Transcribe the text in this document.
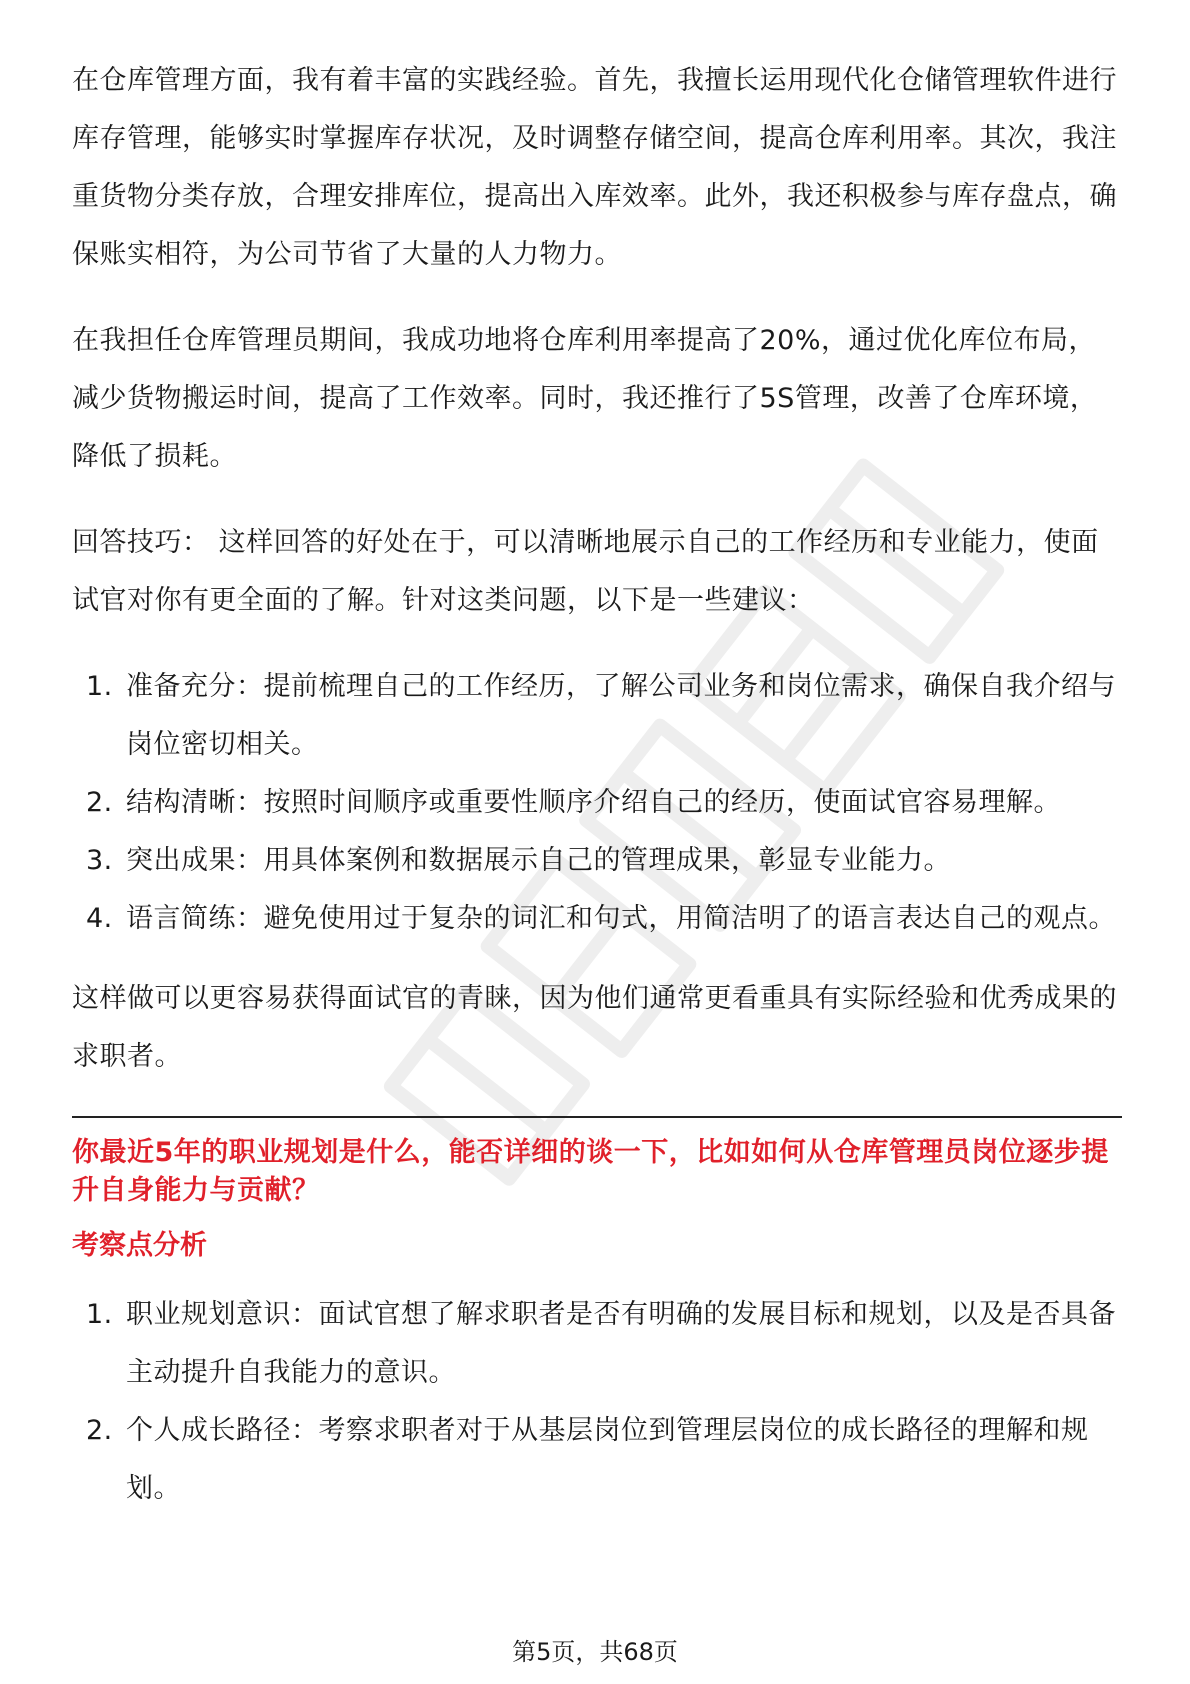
在仓库管理方面，我有着丰富的实践经验。首先，我擅长运用现代化仓储管理软件进行库存管理，能够实时掌握库存状况，及时调整存储空间，提高仓库利用率。其次，我注重货物分类存放，合理安排库位，提高出入库效率。此外，我还积极参与库存盘点，确保账实相符，为公司节省了大量的人力物力。

在我担任仓库管理员期间，我成功地将仓库利用率提高了20%，通过优化库位布局，减少货物搬运时间，提高了工作效率。同时，我还推行了5S管理，改善了仓库环境，降低了损耗。

回答技巧： 这样回答的好处在于，可以清晰地展示自己的工作经历和专业能力，使面试官对你有更全面的了解。针对这类问题，以下是一些建议：

1. 准备充分：提前梳理自己的工作经历，了解公司业务和岗位需求，确保自我介绍与岗位密切相关。
2. 结构清晰：按照时间顺序或重要性顺序介绍自己的经历，使面试官容易理解。
3. 突出成果：用具体案例和数据展示自己的管理成果，彰显专业能力。
4. 语言简练：避免使用过于复杂的词汇和句式，用简洁明了的语言表达自己的观点。

这样做可以更容易获得面试官的青睐，因为他们通常更看重具有实际经验和优秀成果的求职者。

你最近5年的职业规划是什么，能否详细的谈一下，比如如何从仓库管理员岗位逐步提升自身能力与贡献？
考察点分析
1. 职业规划意识：面试官想了解求职者是否有明确的发展目标和规划，以及是否具备主动提升自我能力的意识。
2. 个人成长路径：考察求职者对于从基层岗位到管理层岗位的成长路径的理解和规划。
第5页，共68页
